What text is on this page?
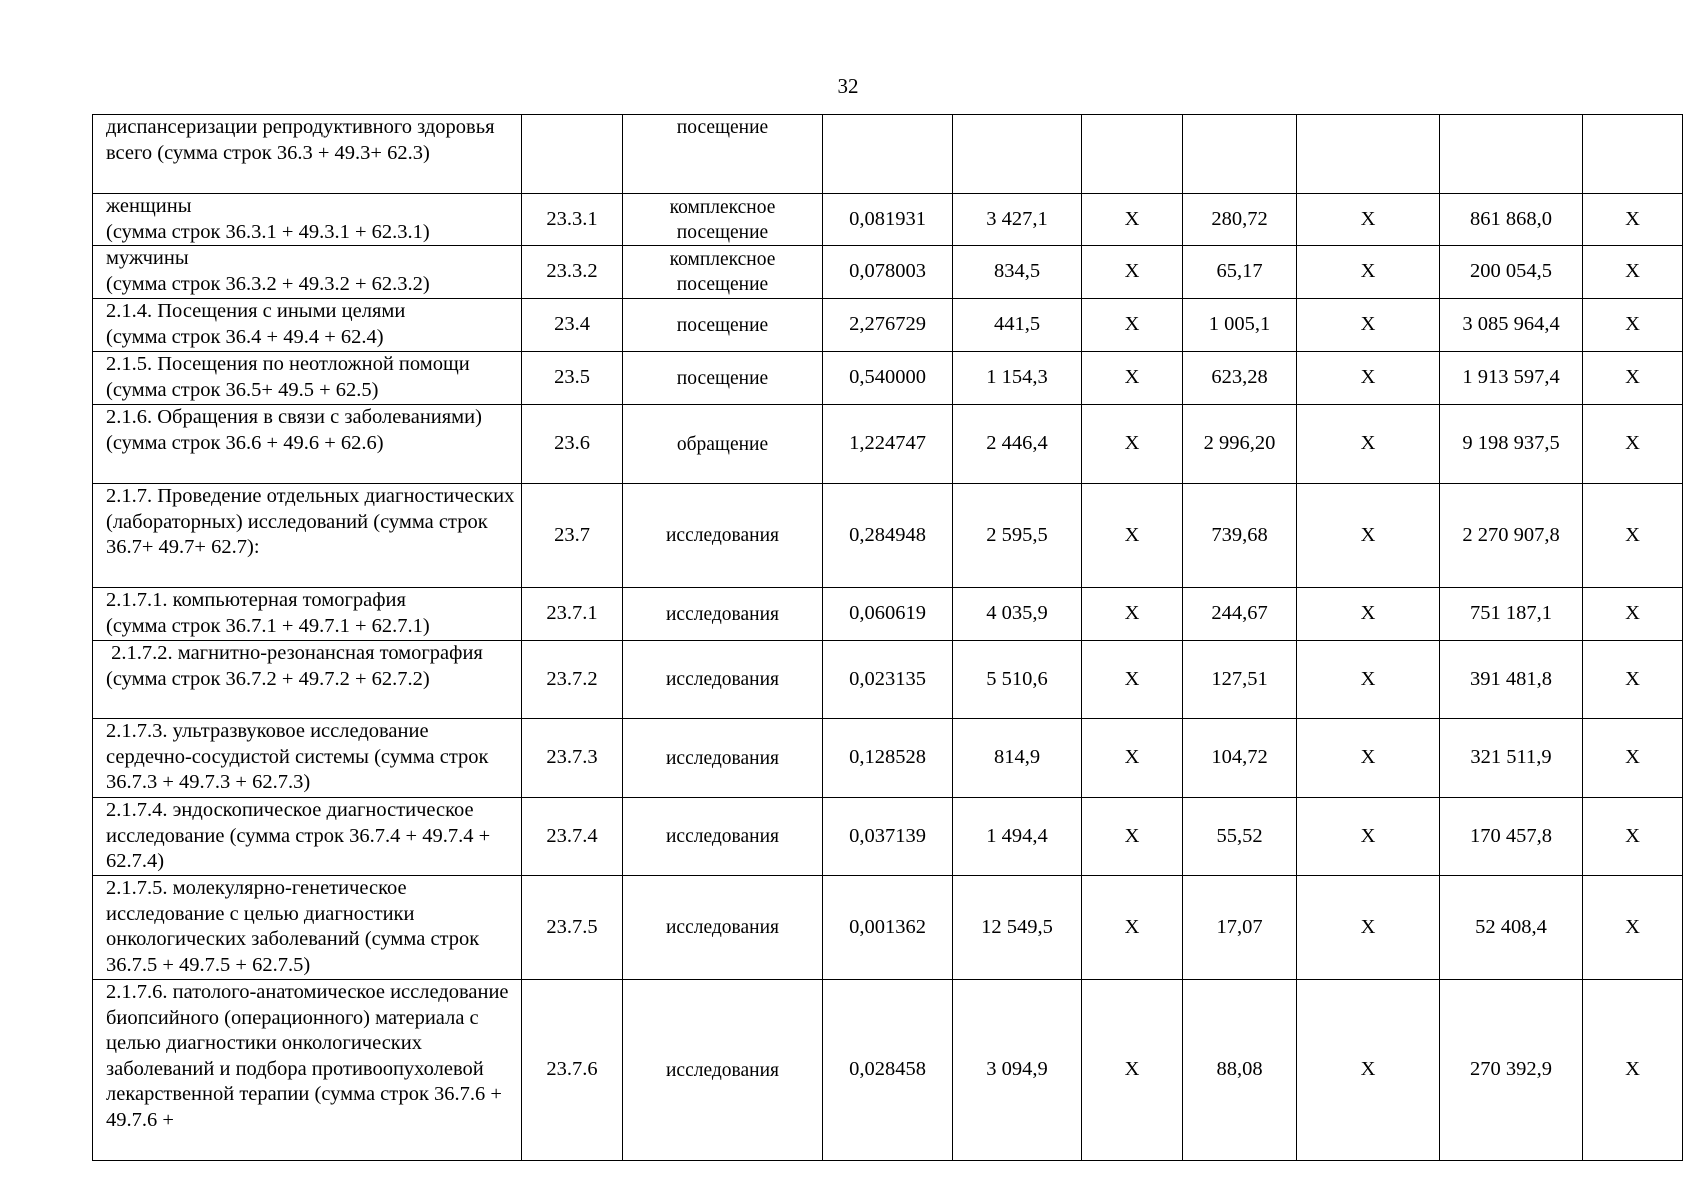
32
диспансеризации репродуктивного здоровья всего (сумма строк 36.3 + 49.3+ 62.3)		посещение							
женщины
(сумма строк 36.3.1 + 49.3.1 + 62.3.1)	23.3.1	комплексное посещение	0,081931	3 427,1	X	280,72	X	861 868,0	X
мужчины
(сумма строк 36.3.2 + 49.3.2 + 62.3.2)	23.3.2	комплексное посещение	0,078003	834,5	X	65,17	X	200 054,5	X
2.1.4. Посещения с иными целями
(сумма строк 36.4 + 49.4 + 62.4)	23.4	посещение	2,276729	441,5	X	1 005,1	X	3 085 964,4	X
2.1.5. Посещения по неотложной помощи
(сумма строк 36.5+ 49.5 + 62.5)	23.5	посещение	0,540000	1 154,3	X	623,28	X	1 913 597,4	X
2.1.6. Обращения в связи с заболеваниями) (сумма строк 36.6 + 49.6 + 62.6)	23.6	обращение	1,224747	2 446,4	X	2 996,20	X	9 198 937,5	X
2.1.7. Проведение отдельных диагностических (лабораторных) исследований (сумма строк 36.7+ 49.7+ 62.7):	23.7	исследования	0,284948	2 595,5	X	739,68	X	2 270 907,8	X
2.1.7.1. компьютерная томография
(сумма строк 36.7.1 + 49.7.1 + 62.7.1)	23.7.1	исследования	0,060619	4 035,9	X	244,67	X	751 187,1	X
2.1.7.2. магнитно-резонансная томография (сумма строк 36.7.2 + 49.7.2 + 62.7.2)	23.7.2	исследования	0,023135	5 510,6	X	127,51	X	391 481,8	X
2.1.7.3. ультразвуковое исследование сердечно-сосудистой системы (сумма строк 36.7.3 + 49.7.3 + 62.7.3)	23.7.3	исследования	0,128528	814,9	X	104,72	X	321 511,9	X
2.1.7.4. эндоскопическое диагностическое исследование (сумма строк 36.7.4 + 49.7.4 + 62.7.4)	23.7.4	исследования	0,037139	1 494,4	X	55,52	X	170 457,8	X
2.1.7.5. молекулярно-генетическое исследование с целью диагностики онкологических заболеваний (сумма строк 36.7.5 + 49.7.5 + 62.7.5)	23.7.5	исследования	0,001362	12 549,5	X	17,07	X	52 408,4	X
2.1.7.6. патолого-анатомическое исследование биопсийного (операционного) материала с целью диагностики онкологических заболеваний и подбора противоопухолевой лекарственной терапии (сумма строк 36.7.6 + 49.7.6 +	23.7.6	исследования	0,028458	3 094,9	X	88,08	X	270 392,9	X
